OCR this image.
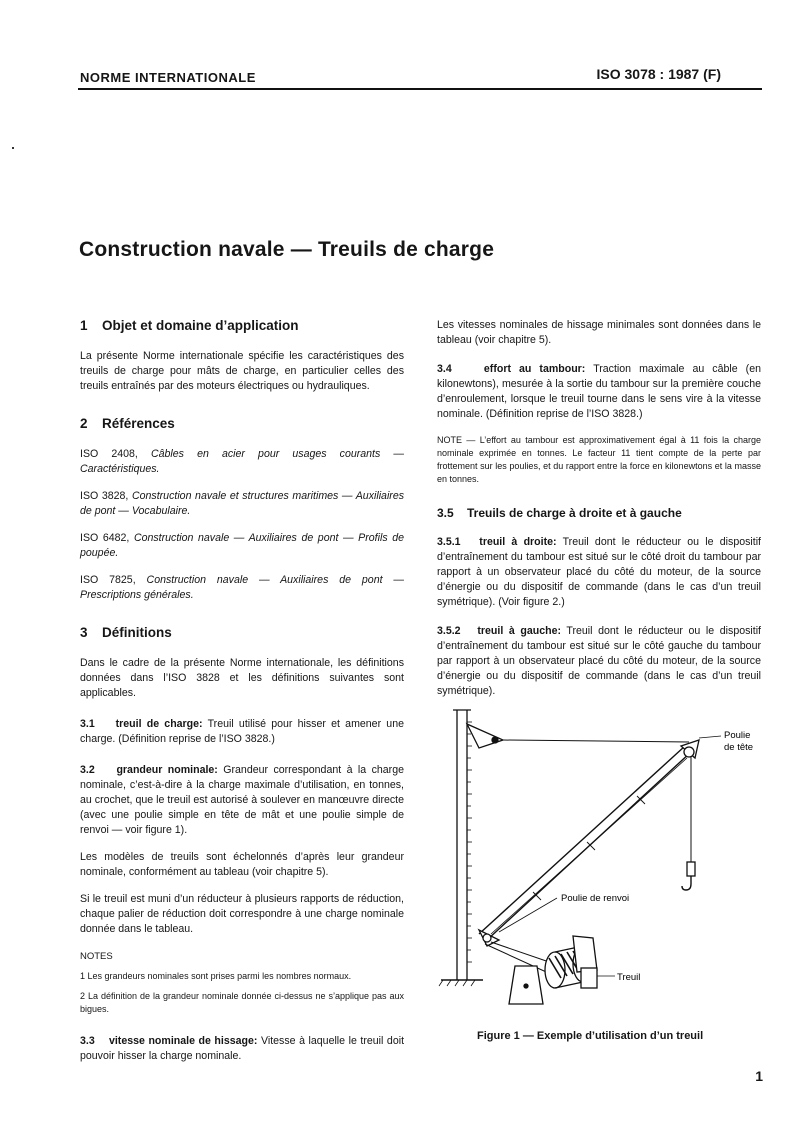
NORME INTERNATIONALE	ISO 3078 : 1987 (F)
Construction navale — Treuils de charge
1 Objet et domaine d’application

La présente Norme internationale spécifie les caractéristiques des treuils de charge pour mâts de charge, en particulier celles des treuils entraînés par des moteurs électriques ou hydrauliques.

2 Références

ISO 2408, Câbles en acier pour usages courants — Caractéristiques.

ISO 3828, Construction navale et structures maritimes — Auxiliaires de pont — Vocabulaire.

ISO 6482, Construction navale — Auxiliaires de pont — Profils de poupée.

ISO 7825, Construction navale — Auxiliaires de pont — Prescriptions générales.

3 Définitions

Dans le cadre de la présente Norme internationale, les définitions données dans l’ISO 3828 et les définitions suivantes sont applicables.

3.1 treuil de charge: Treuil utilisé pour hisser et amener une charge. (Définition reprise de l’ISO 3828.)

3.2 grandeur nominale: Grandeur correspondant à la charge nominale, c’est-à-dire à la charge maximale d’utilisation, en tonnes, au crochet, que le treuil est autorisé à soulever en manœuvre directe (avec une poulie simple en tête de mât et une poulie simple de renvoi — voir figure 1).

Les modèles de treuils sont échelonnés d’après leur grandeur nominale, conformément au tableau (voir chapitre 5).

Si le treuil est muni d’un réducteur à plusieurs rapports de réduction, chaque palier de réduction doit correspondre à une charge nominale donnée dans le tableau.

NOTES

1 Les grandeurs nominales sont prises parmi les nombres normaux.

2 La définition de la grandeur nominale donnée ci-dessus ne s’applique pas aux bigues.

3.3 vitesse nominale de hissage: Vitesse à laquelle le treuil doit pouvoir hisser la charge nominale.

Les vitesses nominales de hissage minimales sont données dans le tableau (voir chapitre 5).

3.4	effort au tambour: Traction maximale au câble (en kilonewtons), mesurée à la sortie du tambour sur la première couche d’enroulement, lorsque le treuil tourne dans le sens vire à la vitesse nominale. (Définition reprise de l’ISO 3828.)

NOTE — L’effort au tambour est approximativement égal à 11 fois la charge nominale exprimée en tonnes. Le facteur 11 tient compte de la perte par frottement sur les poulies, et du rapport entre la force en kilonewtons et la masse en tonnes.

3.5 Treuils de charge à droite et à gauche

3.5.1 treuil à droite: Treuil dont le réducteur ou le dispositif d’entraînement du tambour est situé sur le côté droit du tambour par rapport à un observateur placé du côté du moteur, de la source d’énergie ou du dispositif de commande (dans le cas d’un treuil symétrique). (Voir figure 2.)

3.5.2 treuil à gauche: Treuil dont le réducteur ou le dispositif d’entraînement du tambour est situé sur le côté gauche du tambour par rapport à un observateur placé du côté du moteur, de la source d’énergie ou du dispositif de commande (dans le cas d’un treuil symétrique).

Poulie
de tête
Poulie de renvoi
Treuil
Figure 1 — Exemple d’utilisation d’un treuil
1
